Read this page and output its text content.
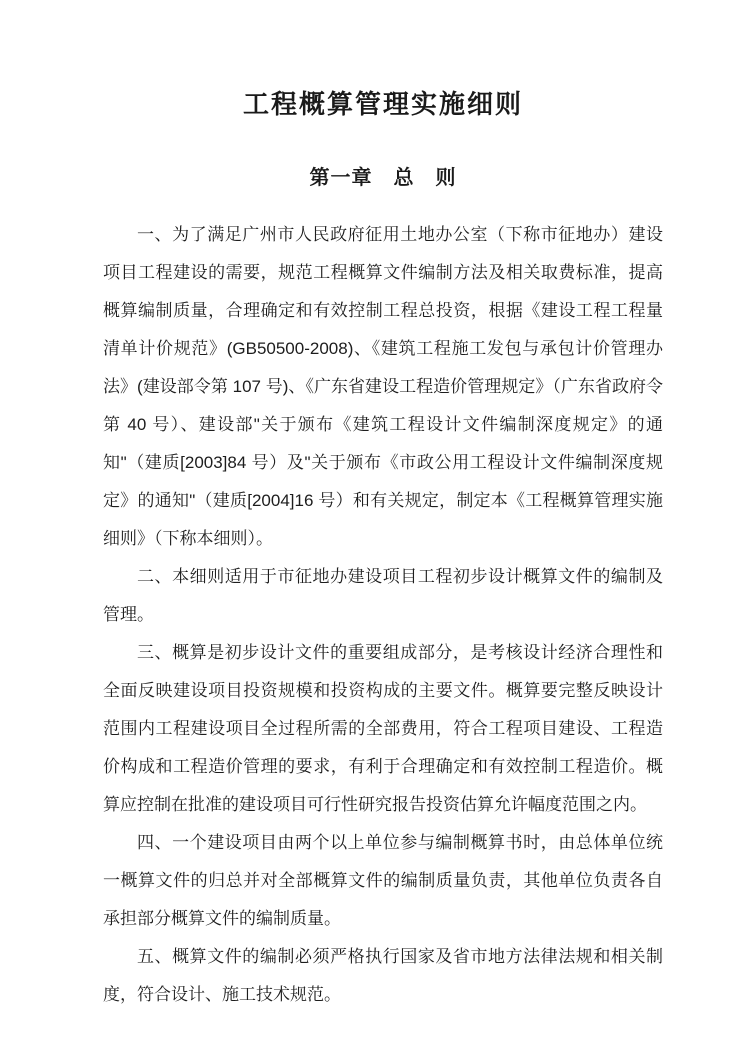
工程概算管理实施细则
第一章　总　则

一、为了满足广州市人民政府征用土地办公室（下称市征地办）建设项目工程建设的需要，规范工程概算文件编制方法及相关取费标准，提高概算编制质量，合理确定和有效控制工程总投资，根据《建设工程工程量清单计价规范》(GB50500-2008)、《建筑工程施工发包与承包计价管理办法》(建设部令第 107 号)、《广东省建设工程造价管理规定》（广东省政府令第 40 号）、建设部"关于颁布《建筑工程设计文件编制深度规定》的通知"（建质[2003]84 号）及"关于颁布《市政公用工程设计文件编制深度规定》的通知"（建质[2004]16 号）和有关规定，制定本《工程概算管理实施细则》（下称本细则）。

二、本细则适用于市征地办建设项目工程初步设计概算文件的编制及管理。

三、概算是初步设计文件的重要组成部分，是考核设计经济合理性和全面反映建设项目投资规模和投资构成的主要文件。概算要完整反映设计范围内工程建设项目全过程所需的全部费用，符合工程项目建设、工程造价构成和工程造价管理的要求，有利于合理确定和有效控制工程造价。概算应控制在批准的建设项目可行性研究报告投资估算允许幅度范围之内。

四、一个建设项目由两个以上单位参与编制概算书时，由总体单位统一概算文件的归总并对全部概算文件的编制质量负责，其他单位负责各自承担部分概算文件的编制质量。

五、概算文件的编制必须严格执行国家及省市地方法律法规和相关制度，符合设计、施工技术规范。
